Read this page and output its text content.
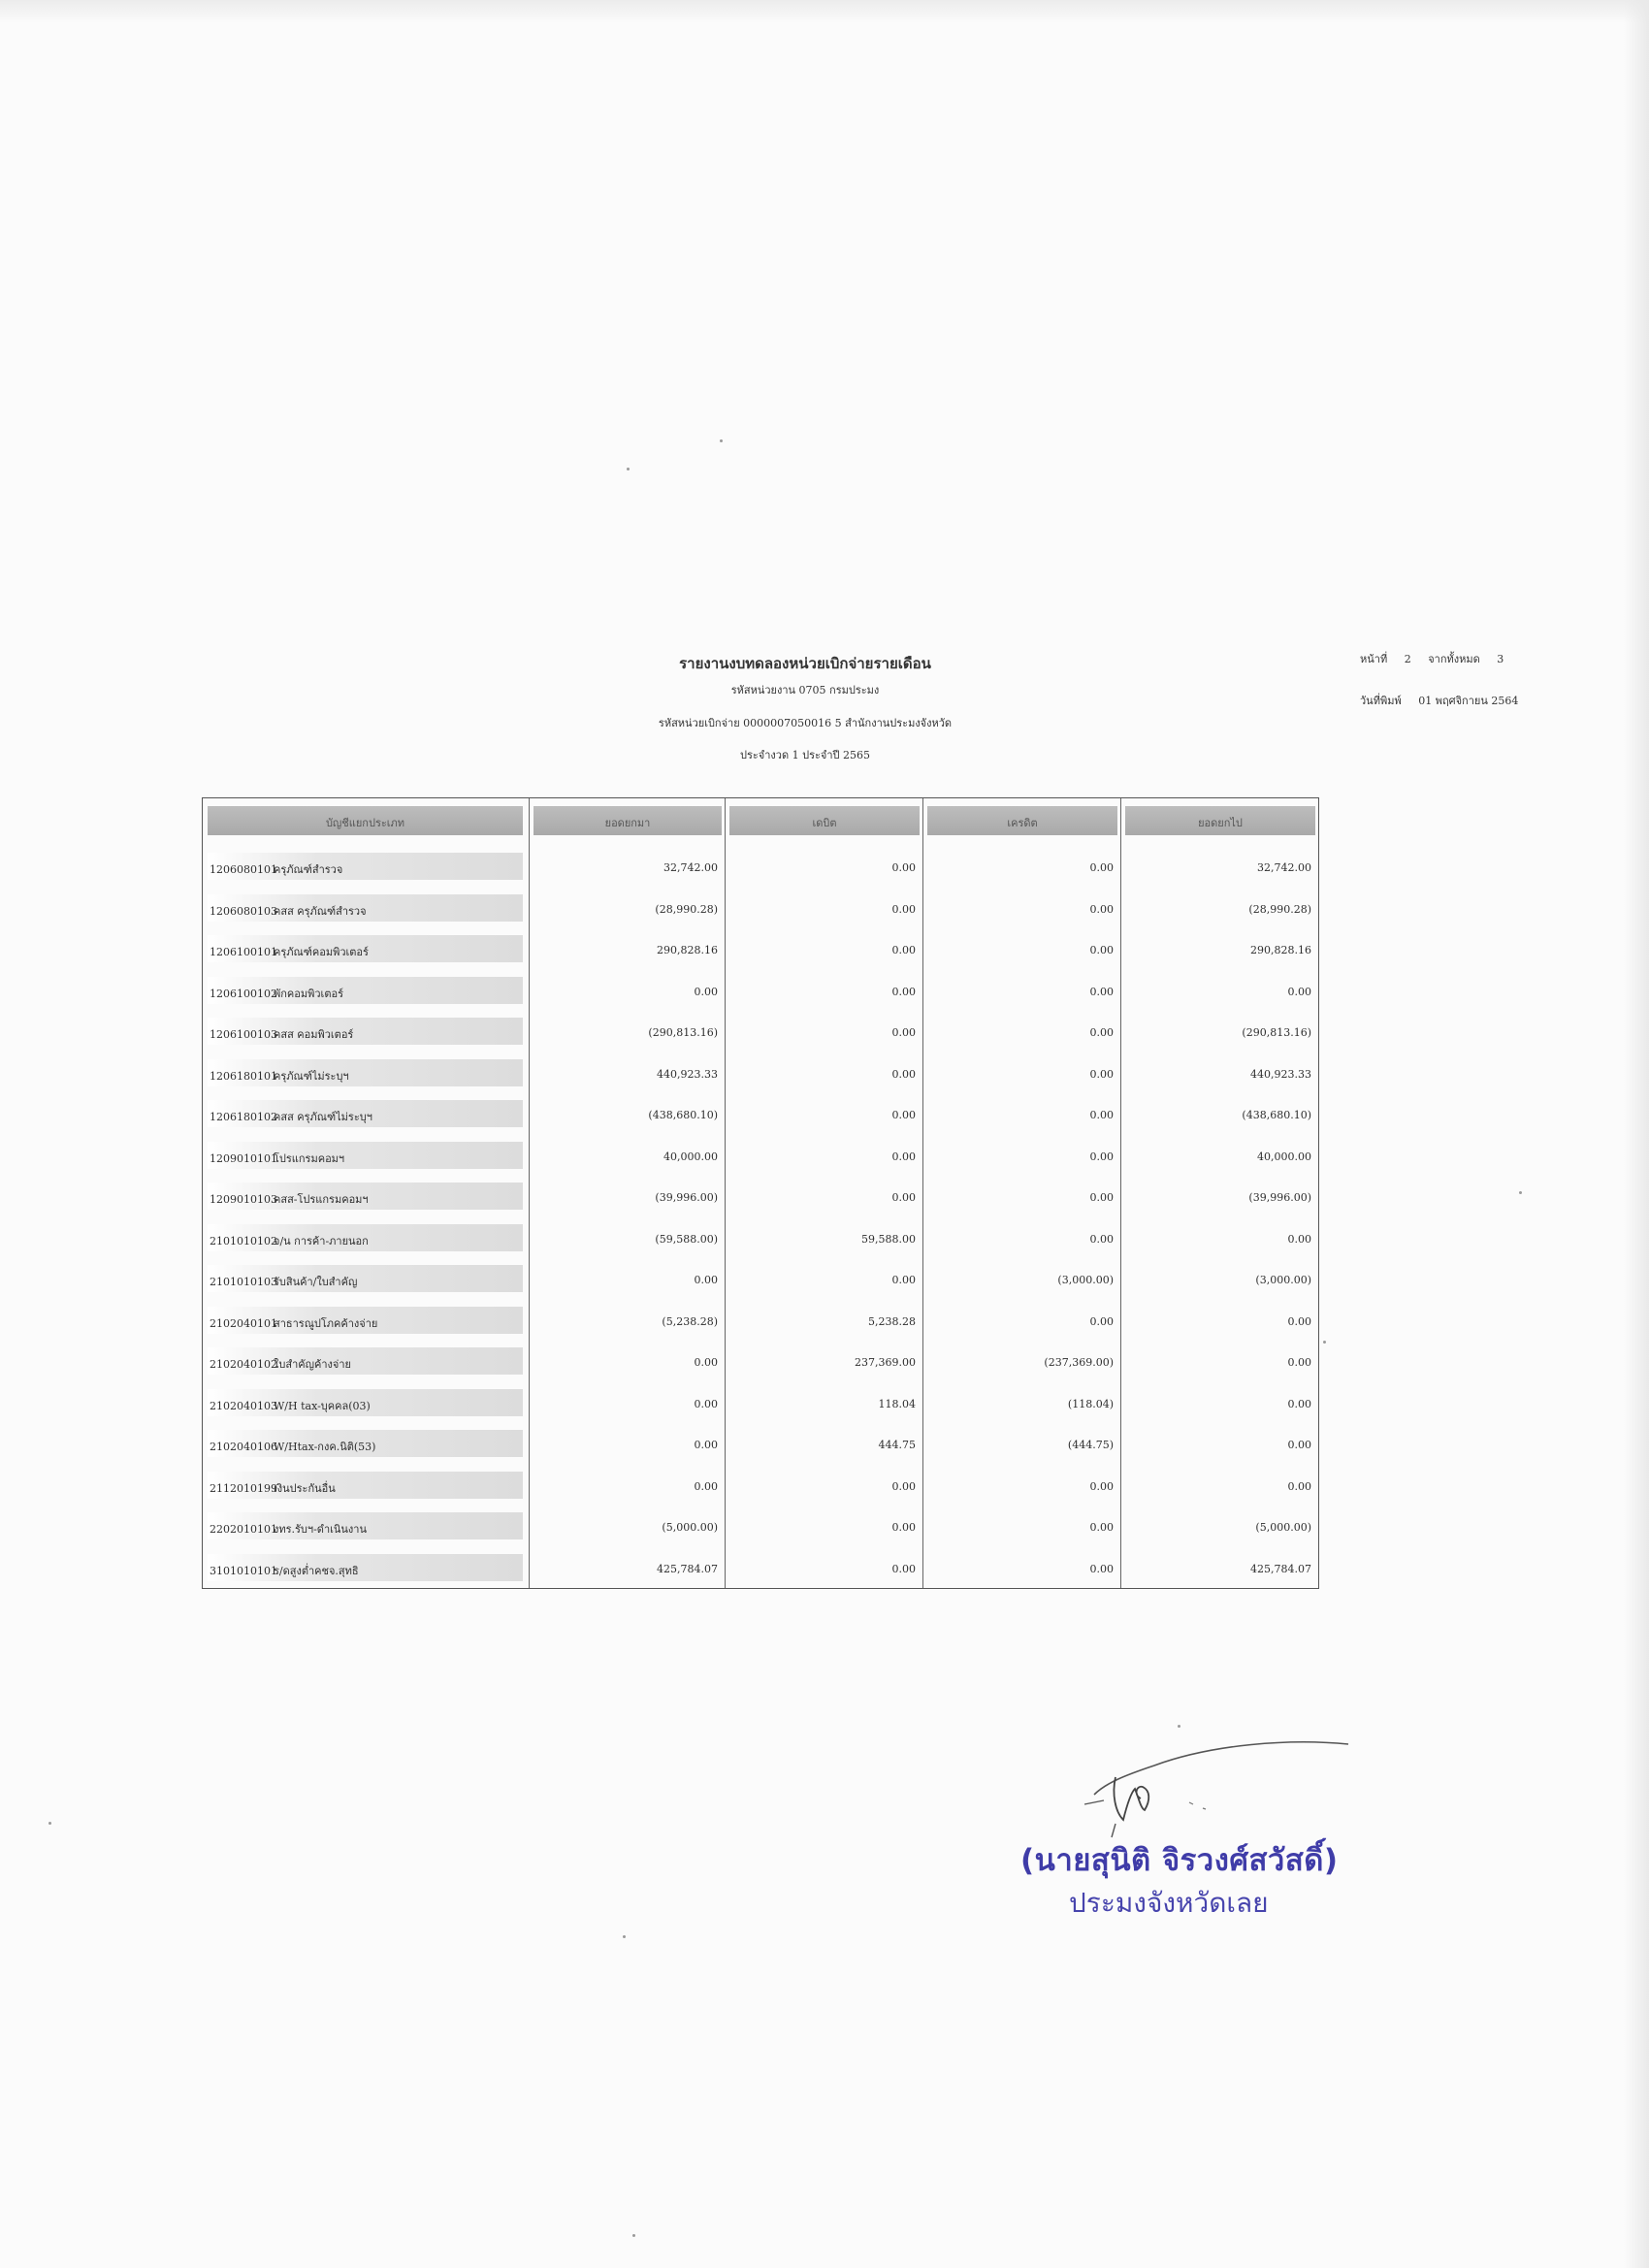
หน้าที่ 2 จากทั้งหมด 3
วันที่พิมพ์ 01 พฤศจิกายน 2564
รายงานงบทดลองหน่วยเบิกจ่ายรายเดือน
รหัสหน่วยงาน 0705 กรมประมง
รหัสหน่วยเบิกจ่าย 0000007050016 5 สำนักงานประมงจังหวัด
ประจำงวด 1 ประจำปี 2565
บัญชีแยกประเภท
1206080101ครุภัณฑ์สำรวจ
1206080103คสส ครุภัณฑ์สำรวจ
1206100101ครุภัณฑ์คอมพิวเตอร์
1206100102พักคอมพิวเตอร์
1206100103คสส คอมพิวเตอร์
1206180101ครุภัณฑ์ไม่ระบุฯ
1206180102คสส ครุภัณฑ์ไม่ระบุฯ
1209010101โปรแกรมคอมฯ
1209010103คสส-โปรแกรมคอมฯ
2101010102จ/น การค้า-ภายนอก
2101010103รับสินค้า/ใบสำคัญ
2102040101สาธารณูปโภคค้างจ่าย
2102040102ใบสำคัญค้างจ่าย
2102040103W/H tax-บุคคล(03)
2102040106W/Htax-กงค.นิติ(53)
2112010199เงินประกันอื่น
2202010101งทร.รับฯ-ดำเนินงาน
3101010101ร/ดสูงต่ำคชจ.สุทธิ
ยอดยกมา
32,742.00
(28,990.28)
290,828.16
0.00
(290,813.16)
440,923.33
(438,680.10)
40,000.00
(39,996.00)
(59,588.00)
0.00
(5,238.28)
0.00
0.00
0.00
0.00
(5,000.00)
425,784.07
เดบิต
0.00
0.00
0.00
0.00
0.00
0.00
0.00
0.00
0.00
59,588.00
0.00
5,238.28
237,369.00
118.04
444.75
0.00
0.00
0.00
เครดิต
0.00
0.00
0.00
0.00
0.00
0.00
0.00
0.00
0.00
0.00
(3,000.00)
0.00
(237,369.00)
(118.04)
(444.75)
0.00
0.00
0.00
ยอดยกไป
32,742.00
(28,990.28)
290,828.16
0.00
(290,813.16)
440,923.33
(438,680.10)
40,000.00
(39,996.00)
0.00
(3,000.00)
0.00
0.00
0.00
0.00
0.00
(5,000.00)
425,784.07
(นายสุนิติ จิรวงศ์สวัสดิ์)
ประมงจังหวัดเลย
